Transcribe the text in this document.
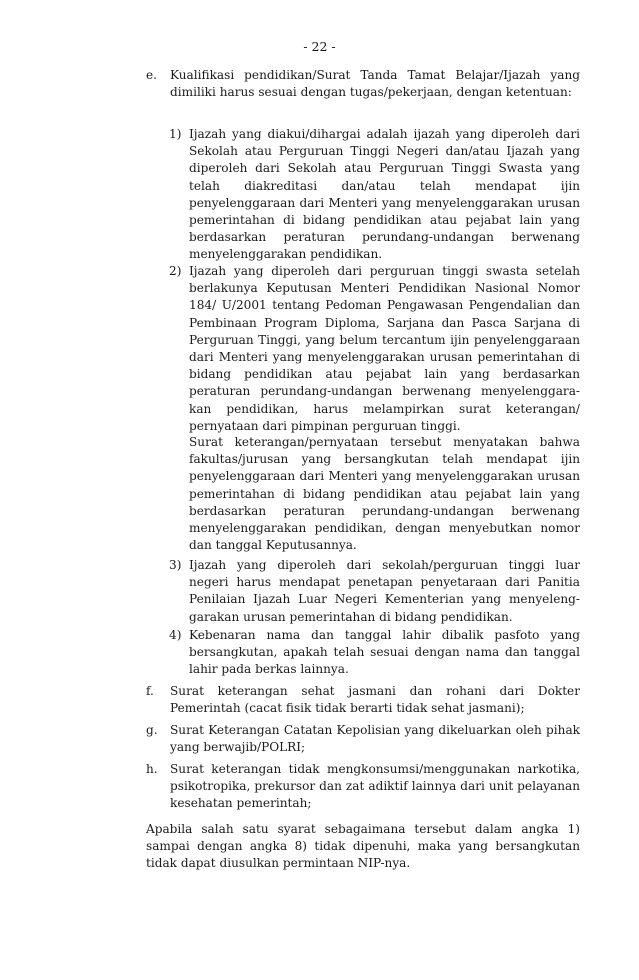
- 22 -
e. Kualifikasi pendidikan/Surat Tanda Tamat Belajar/Ijazah yang dimiliki harus sesuai dengan tugas/pekerjaan, dengan ketentuan:
1) Ijazah yang diakui/dihargai adalah ijazah yang diperoleh dari Sekolah atau Perguruan Tinggi Negeri dan/atau Ijazah yang diperoleh dari Sekolah atau Perguruan Tinggi Swasta yang telah diakreditasi dan/atau telah mendapat ijin penyelenggaraan dari Menteri yang menyelenggarakan urusan pemerintahan di bidang pendidikan atau pejabat lain yang berdasarkan peraturan perundang-undangan berwenang menyelenggarakan pendidikan.
2) Ijazah yang diperoleh dari perguruan tinggi swasta setelah berlakunya Keputusan Menteri Pendidikan Nasional Nomor 184/ U/2001 tentang Pedoman Pengawasan Pengendalian dan Pembinaan Program Diploma, Sarjana dan Pasca Sarjana di Perguruan Tinggi, yang belum tercantum ijin penyelenggaraan dari Menteri yang menyelenggarakan urusan pemerintahan di bidang pendidikan atau pejabat lain yang berdasarkan peraturan perundang-undangan berwenang menyelenggara-kan pendidikan, harus melampirkan surat keterangan/ pernyataan dari pimpinan perguruan tinggi.
Surat keterangan/pernyataan tersebut menyatakan bahwa fakultas/jurusan yang bersangkutan telah mendapat ijin penyelenggaraan dari Menteri yang menyelenggarakan urusan pemerintahan di bidang pendidikan atau pejabat lain yang berdasarkan peraturan perundang-undangan berwenang menyelenggarakan pendidikan, dengan menyebutkan nomor dan tanggal Keputusannya.
3) Ijazah yang diperoleh dari sekolah/perguruan tinggi luar negeri harus mendapat penetapan penyetaraan dari Panitia Penilaian Ijazah Luar Negeri Kementerian yang menyeleng-garakan urusan pemerintahan di bidang pendidikan.
4) Kebenaran nama dan tanggal lahir dibalik pasfoto yang bersangkutan, apakah telah sesuai dengan nama dan tanggal lahir pada berkas lainnya.
f. Surat keterangan sehat jasmani dan rohani dari Dokter Pemerintah (cacat fisik tidak berarti tidak sehat jasmani);
g. Surat Keterangan Catatan Kepolisian yang dikeluarkan oleh pihak yang berwajib/POLRI;
h. Surat keterangan tidak mengkonsumsi/menggunakan narkotika, psikotropika, prekursor dan zat adiktif lainnya dari unit pelayanan kesehatan pemerintah;
Apabila salah satu syarat sebagaimana tersebut dalam angka 1) sampai dengan angka 8) tidak dipenuhi, maka yang bersangkutan tidak dapat diusulkan permintaan NIP-nya.
